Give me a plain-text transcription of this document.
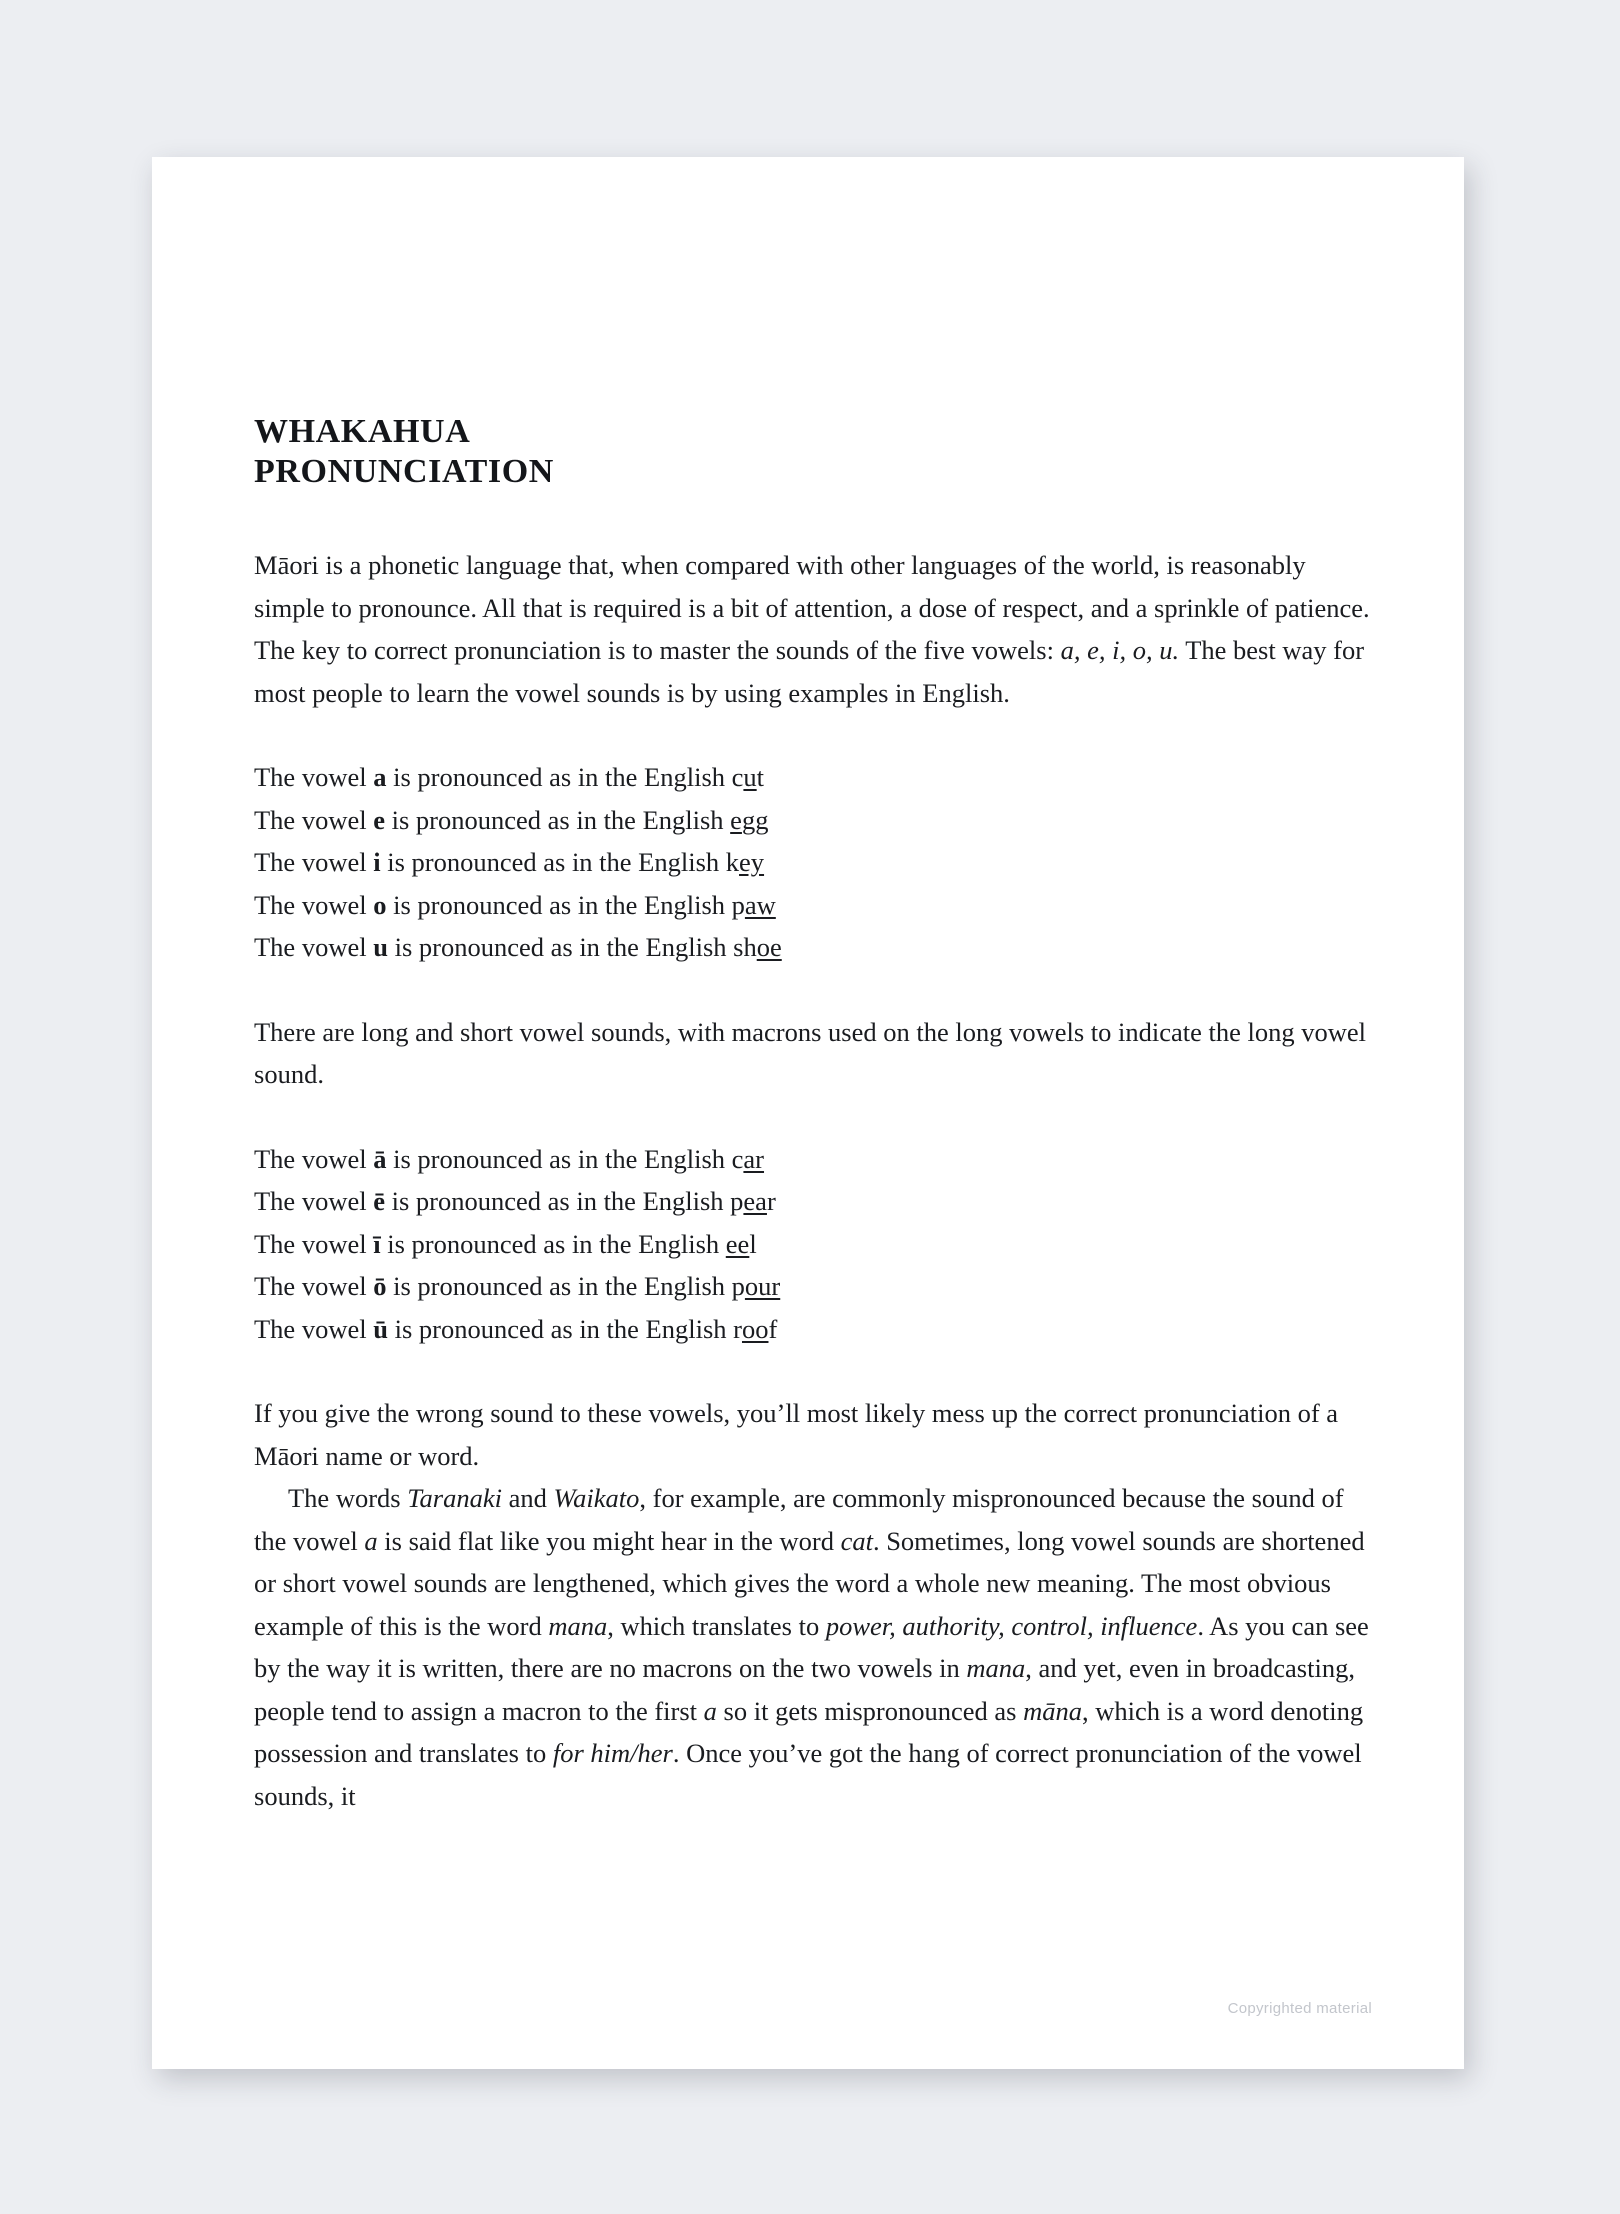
WHAKAHUA
PRONUNCIATION

Māori is a phonetic language that, when compared with other languages of the world, is reasonably simple to pronounce. All that is required is a bit of attention, a dose of respect, and a sprinkle of patience. The key to correct pronunciation is to master the sounds of the five vowels: a, e, i, o, u. The best way for most people to learn the vowel sounds is by using examples in English.

The vowel a is pronounced as in the English cut
The vowel e is pronounced as in the English egg
The vowel i is pronounced as in the English key
The vowel o is pronounced as in the English paw
The vowel u is pronounced as in the English shoe

There are long and short vowel sounds, with macrons used on the long vowels to indicate the long vowel sound.

The vowel ā is pronounced as in the English car
The vowel ē is pronounced as in the English pear
The vowel ī is pronounced as in the English eel
The vowel ō is pronounced as in the English pour
The vowel ū is pronounced as in the English roof

If you give the wrong sound to these vowels, you’ll most likely mess up the correct pronunciation of a Māori name or word.
The words Taranaki and Waikato, for example, are commonly mispronounced because the sound of the vowel a is said flat like you might hear in the word cat. Sometimes, long vowel sounds are shortened or short vowel sounds are lengthened, which gives the word a whole new meaning. The most obvious example of this is the word mana, which translates to power, authority, control, influence. As you can see by the way it is written, there are no macrons on the two vowels in mana, and yet, even in broadcasting, people tend to assign a macron to the first a so it gets mispronounced as māna, which is a word denoting possession and translates to for him/her. Once you’ve got the hang of correct pronunciation of the vowel sounds, it

Copyrighted material
